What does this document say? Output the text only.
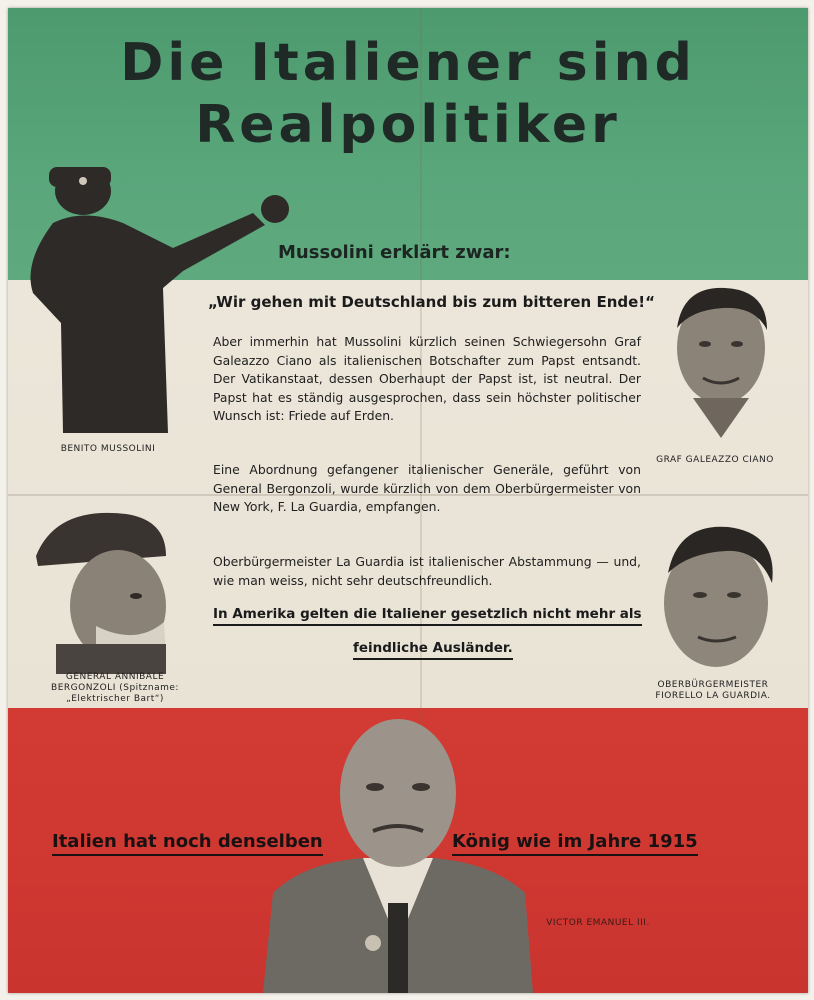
Die Italiener sind
Realpolitiker
Mussolini erklärt zwar:
„Wir gehen mit Deutschland bis zum bitteren Ende!“
Aber immerhin hat Mussolini kürzlich seinen Schwiegersohn Graf Galeazzo Ciano als italienischen Botschafter zum Papst entsandt. Der Vatikanstaat, dessen Oberhaupt der Papst ist, ist neutral. Der Papst hat es ständig ausgesprochen, dass sein höchster politischer Wunsch ist: Friede auf Erden.
Eine Abordnung gefangener italienischer Generäle, geführt von General Bergonzoli, wurde kürzlich von dem Oberbürgermeister von New York, F. La Guardia, empfangen.
Oberbürgermeister La Guardia ist italienischer Abstammung — und, wie man weiss, nicht sehr deutschfreundlich.
In Amerika gelten die Italiener gesetzlich nicht mehr als
feindliche Ausländer.
Italien hat noch denselben	König wie im Jahre 1915
BENITO MUSSOLINI
GRAF GALEAZZO CIANO
GENERAL ANNIBALE
BERGONZOLI (Spitzname:
„Elektrischer Bart“)
OBERBÜRGERMEISTER
FIORELLO LA GUARDIA.
VICTOR EMANUEL III.
